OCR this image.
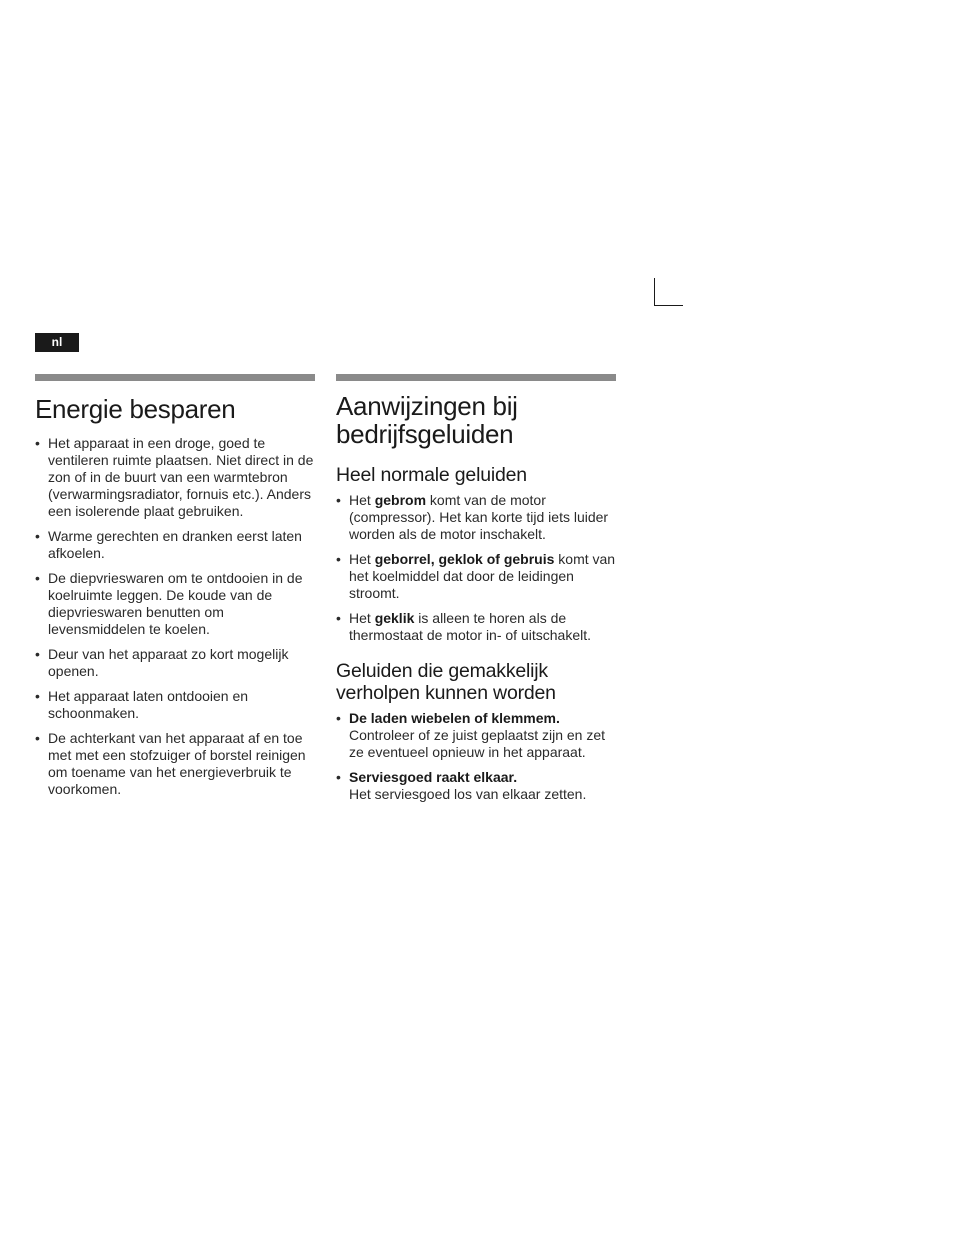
nl
Energie besparen
• Het apparaat in een droge, goed te ventileren ruimte plaatsen. Niet direct in de zon of in de buurt van een warmtebron (verwarmingsradiator, fornuis etc.). Anders een isolerende plaat gebruiken.
• Warme gerechten en dranken eerst laten afkoelen.
• De diepvrieswaren om te ontdooien in de koelruimte leggen. De koude van de diepvrieswaren benutten om levensmiddelen te koelen.
• Deur van het apparaat zo kort mogelijk openen.
• Het apparaat laten ontdooien en schoonmaken.
• De achterkant van het apparaat af en toe met met een stofzuiger of borstel reinigen om toename van het energieverbruik te voorkomen.
Aanwijzingen bij bedrijfsgeluiden
Heel normale geluiden
• Het gebrom komt van de motor (compressor). Het kan korte tijd iets luider worden als de motor inschakelt.
• Het geborrel, geklok of gebruis komt van het koelmiddel dat door de leidingen stroomt.
• Het geklik is alleen te horen als de thermostaat de motor in- of uitschakelt.
Geluiden die gemakkelijk verholpen kunnen worden
• De laden wiebelen of klemmem.
Controleer of ze juist geplaatst zijn en zet ze eventueel opnieuw in het apparaat.
• Serviesgoed raakt elkaar.
Het serviesgoed los van elkaar zetten.
